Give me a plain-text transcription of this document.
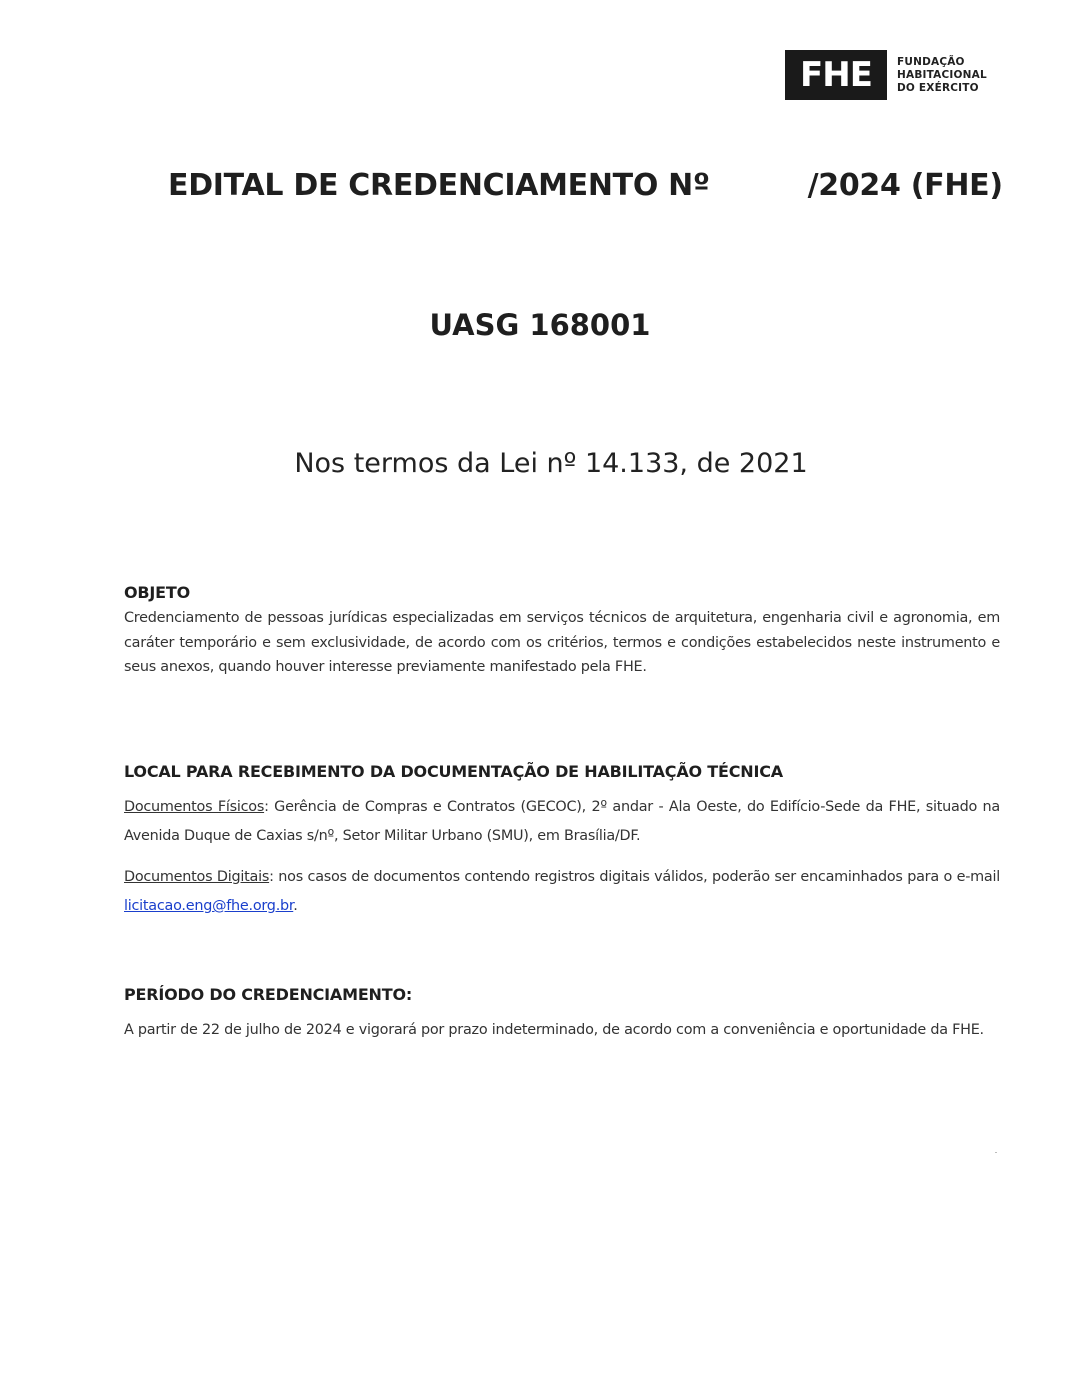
FHE FUNDAÇÃO
HABITACIONAL
DO EXÉRCITO
EDITAL DE CREDENCIAMENTO Nº	/2024 (FHE)
UASG 168001
Nos termos da Lei nº 14.133, de 2021
OBJETO

Credenciamento de pessoas jurídicas especializadas em serviços técnicos de arquitetura, engenharia civil e agronomia, em caráter temporário e sem exclusividade, de acordo com os critérios, termos e condições estabelecidos neste instrumento e seus anexos, quando houver interesse previamente manifestado pela FHE.

LOCAL PARA RECEBIMENTO DA DOCUMENTAÇÃO DE HABILITAÇÃO TÉCNICA

Documentos Físicos: Gerência de Compras e Contratos (GECOC), 2º andar - Ala Oeste, do Edifício-Sede da FHE, situado na Avenida Duque de Caxias s/nº, Setor Militar Urbano (SMU), em Brasília/DF.

Documentos Digitais: nos casos de documentos contendo registros digitais válidos, poderão ser encaminhados para o e-mail licitacao.eng@fhe.org.br.

PERÍODO DO CREDENCIAMENTO:

A partir de 22 de julho de 2024 e vigorará por prazo indeterminado, de acordo com a conveniência e oportunidade da FHE.
